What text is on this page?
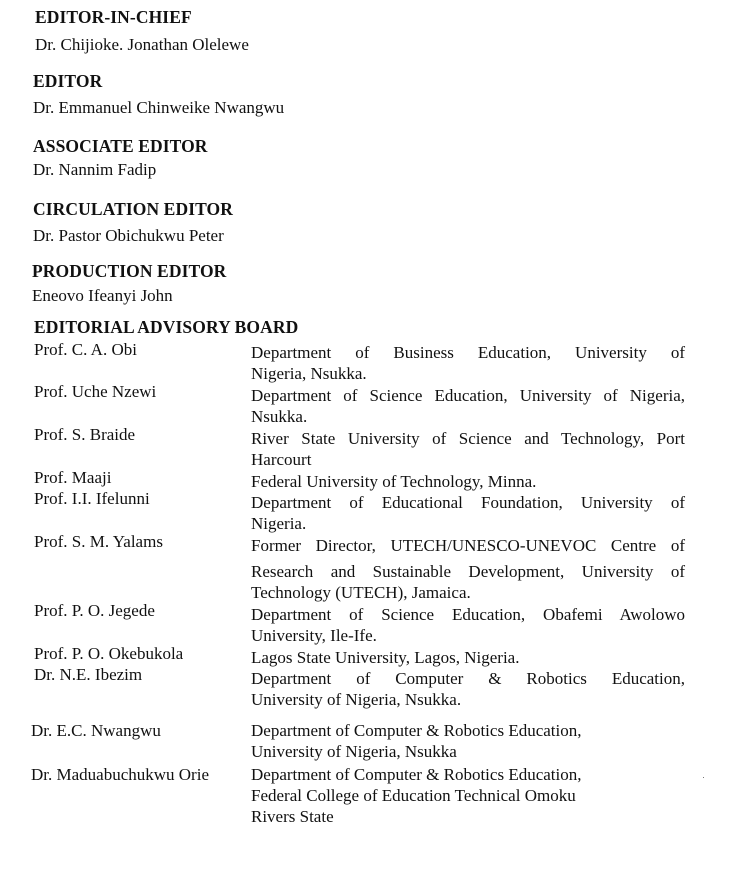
EDITOR-IN-CHIEF
Dr. Chijioke. Jonathan Olelewe
EDITOR
Dr. Emmanuel Chinweike Nwangwu
ASSOCIATE EDITOR
Dr. Nannim Fadip
CIRCULATION EDITOR
Dr. Pastor Obichukwu Peter
PRODUCTION EDITOR
Eneovo Ifeanyi John
EDITORIAL ADVISORY BOARD
Prof. C. A. Obi	Department of Business Education, University of
Nigeria, Nsukka.
Prof. Uche Nzewi	Department of Science Education, University of Nigeria,
Nsukka.
Prof. S. Braide	River State University of Science and Technology, Port
Harcourt
Prof. Maaji	Federal University of Technology, Minna.
Prof. I.I. Ifelunni	Department of Educational Foundation, University of
Nigeria.
Prof. S. M. Yalams	Former Director, UTECH/UNESCO-UNEVOC Centre of
Research and Sustainable Development, University of
Technology (UTECH), Jamaica.
Prof. P. O. Jegede	Department of Science Education, Obafemi Awolowo
University, Ile-Ife.
Prof. P. O. Okebukola	Lagos State University, Lagos, Nigeria.
Dr. N.E. Ibezim	Department of Computer & Robotics Education,
University of Nigeria, Nsukka.
Dr. E.C. Nwangwu	Department of Computer & Robotics Education,
University of Nigeria, Nsukka
Dr. Maduabuchukwu Orie Department of Computer & Robotics Education,
Federal College of Education Technical Omoku
Rivers State
